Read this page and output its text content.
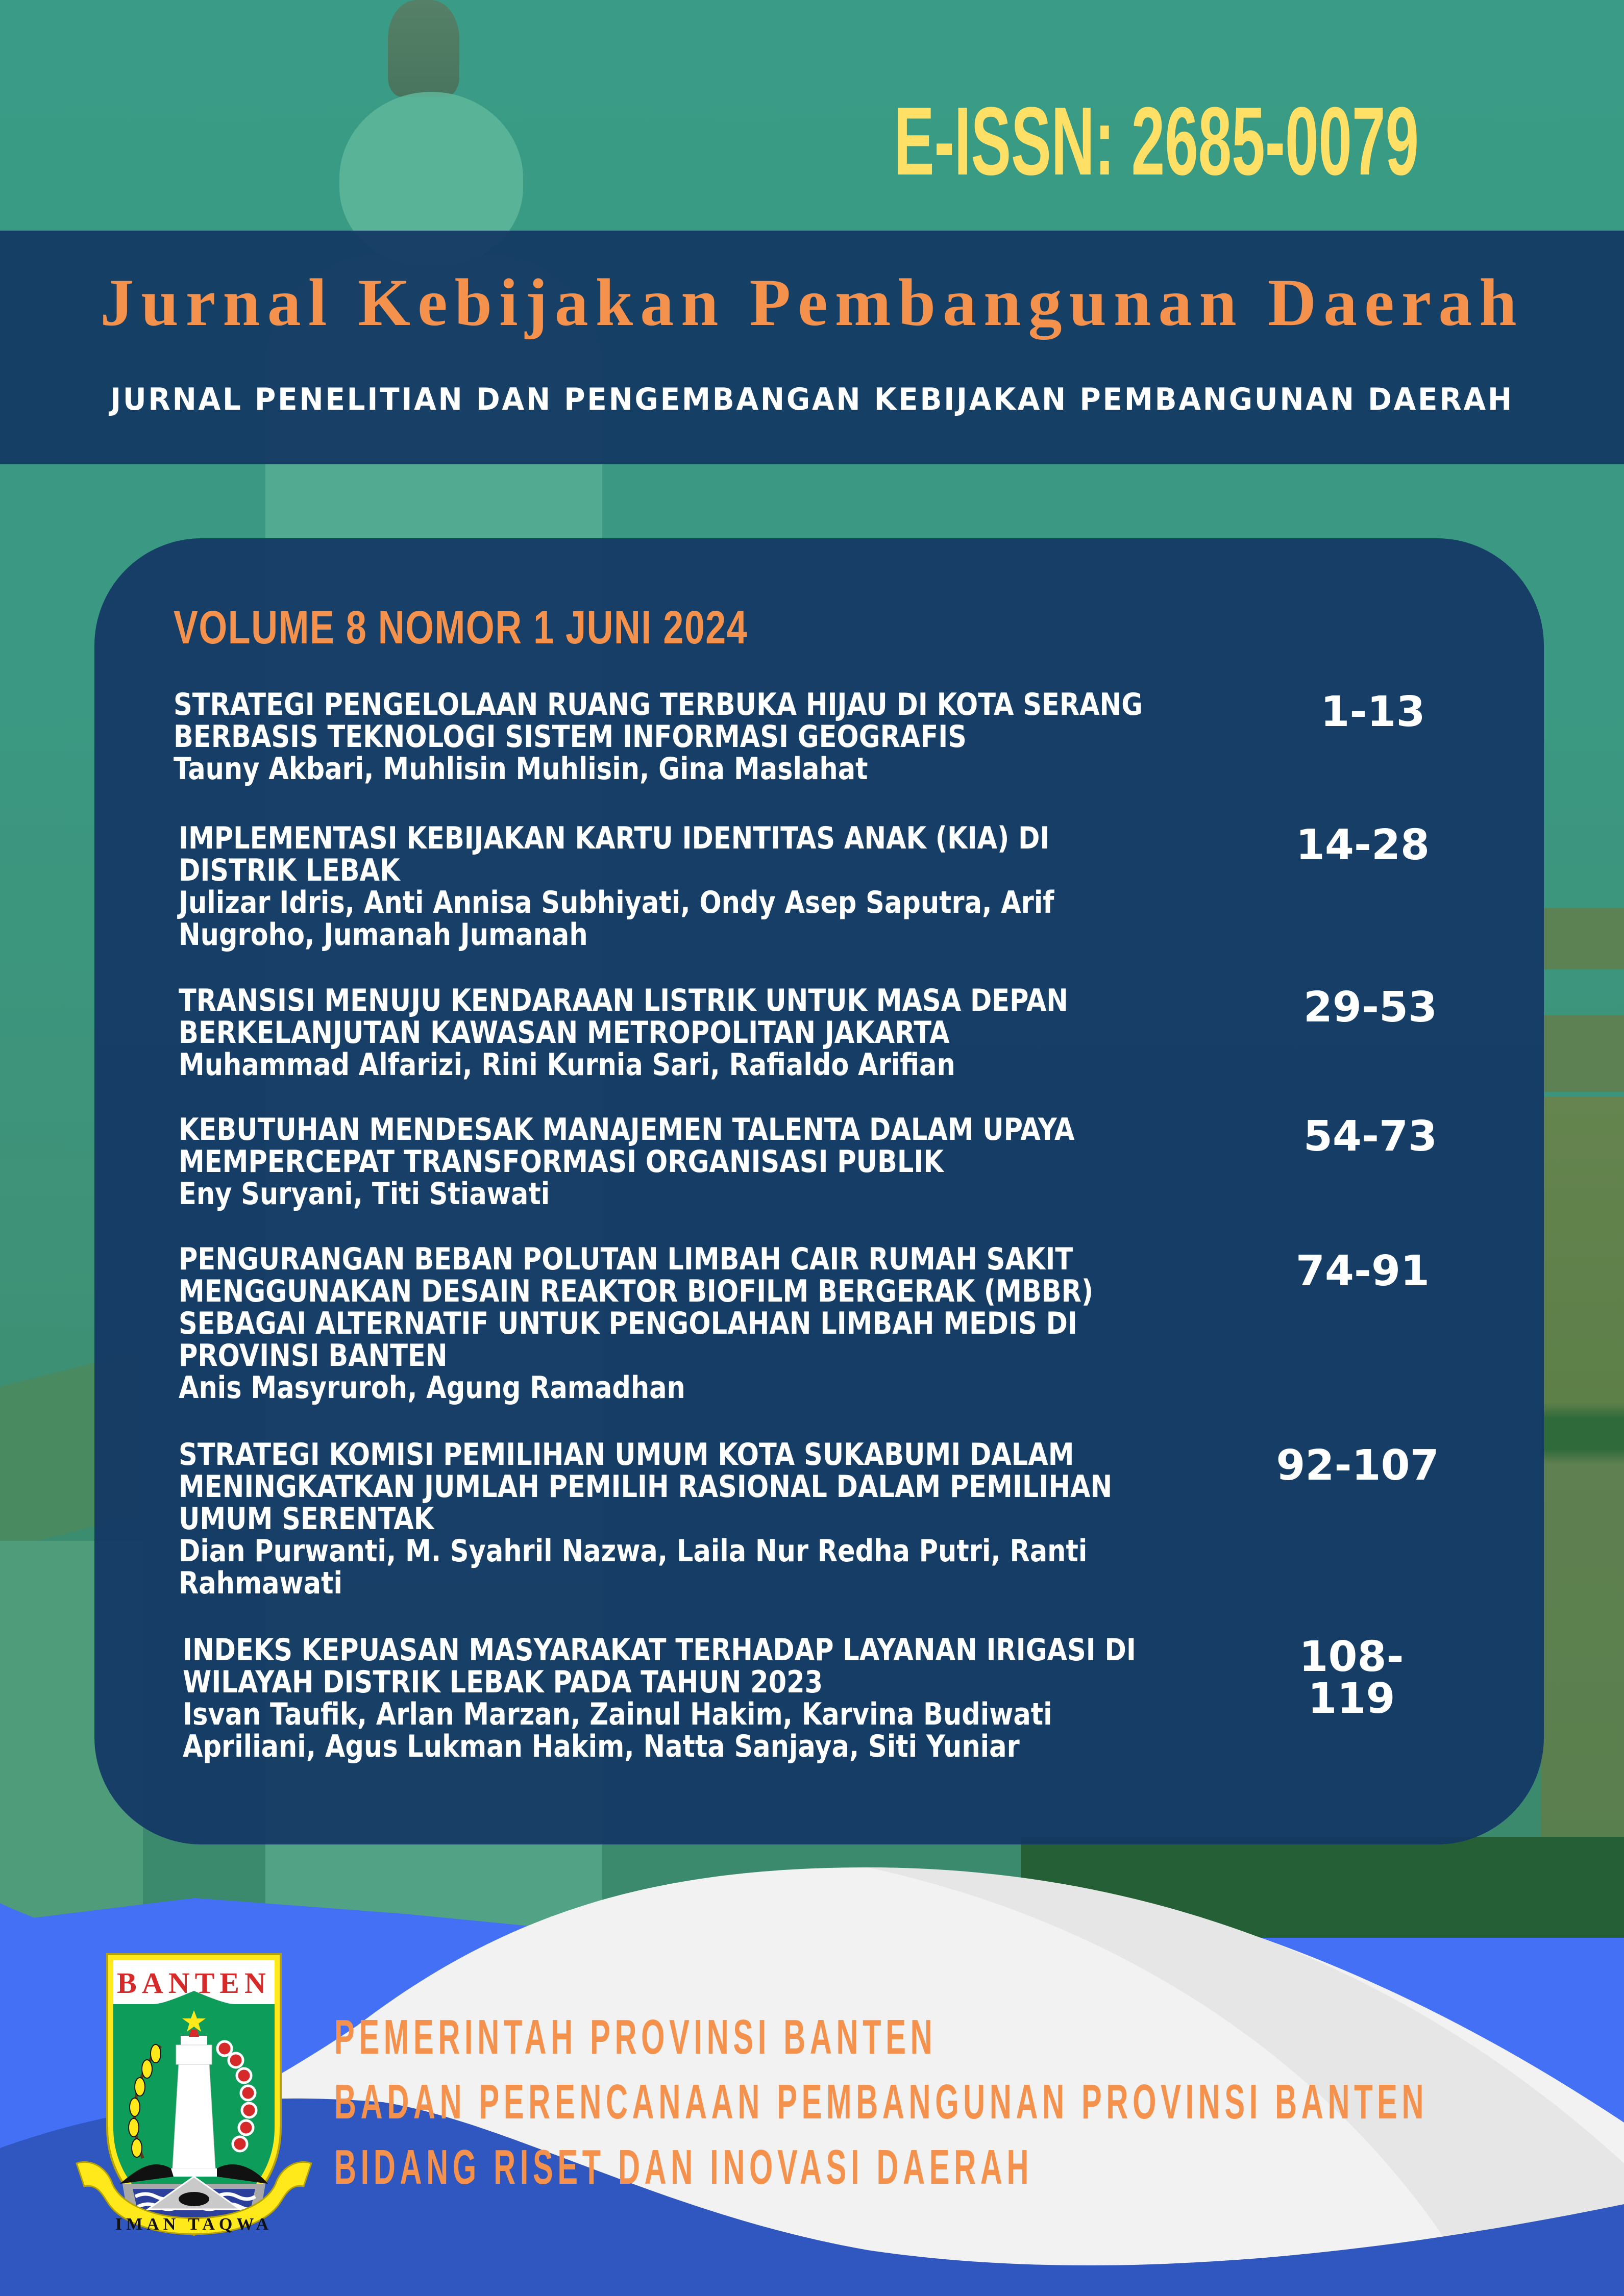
E-ISSN: 2685-0079
Jurnal Kebijakan Pembangunan Daerah
JURNAL PENELITIAN DAN PENGEMBANGAN KEBIJAKAN PEMBANGUNAN DAERAH
VOLUME 8 NOMOR 1 JUNI 2024
STRATEGI PENGELOLAAN RUANG TERBUKA HIJAU DI KOTA SERANG
BERBASIS TEKNOLOGI SISTEM INFORMASI GEOGRAFIS
Tauny Akbari, Muhlisin Muhlisin, Gina Maslahat
1-13
IMPLEMENTASI KEBIJAKAN KARTU IDENTITAS ANAK (KIA) DI
DISTRIK LEBAK
Julizar Idris, Anti Annisa Subhiyati, Ondy Asep Saputra, Arif
Nugroho, Jumanah Jumanah
14-28
TRANSISI MENUJU KENDARAAN LISTRIK UNTUK MASA DEPAN
BERKELANJUTAN KAWASAN METROPOLITAN JAKARTA
Muhammad Alfarizi, Rini Kurnia Sari, Rafialdo Arifian
29-53
KEBUTUHAN MENDESAK MANAJEMEN TALENTA DALAM UPAYA
MEMPERCEPAT TRANSFORMASI ORGANISASI PUBLIK
Eny Suryani, Titi Stiawati
54-73
PENGURANGAN BEBAN POLUTAN LIMBAH CAIR RUMAH SAKIT
MENGGUNAKAN DESAIN REAKTOR BIOFILM BERGERAK (MBBR)
SEBAGAI ALTERNATIF UNTUK PENGOLAHAN LIMBAH MEDIS DI
PROVINSI BANTEN
Anis Masyruroh, Agung Ramadhan
74-91
STRATEGI KOMISI PEMILIHAN UMUM KOTA SUKABUMI DALAM
MENINGKATKAN JUMLAH PEMILIH RASIONAL DALAM PEMILIHAN
UMUM SERENTAK
Dian Purwanti, M. Syahril Nazwa, Laila Nur Redha Putri, Ranti
Rahmawati
92-107
INDEKS KEPUASAN MASYARAKAT TERHADAP LAYANAN IRIGASI DI
WILAYAH DISTRIK LEBAK PADA TAHUN 2023
Isvan Taufik, Arlan Marzan, Zainul Hakim, Karvina Budiwati
Apriliani, Agus Lukman Hakim, Natta Sanjaya, Siti Yuniar
108-119
PEMERINTAH PROVINSI BANTEN
BADAN PERENCANAAN PEMBANGUNAN PROVINSI BANTEN
BIDANG RISET DAN INOVASI DAERAH
BANTEN
IMAN TAQWA
